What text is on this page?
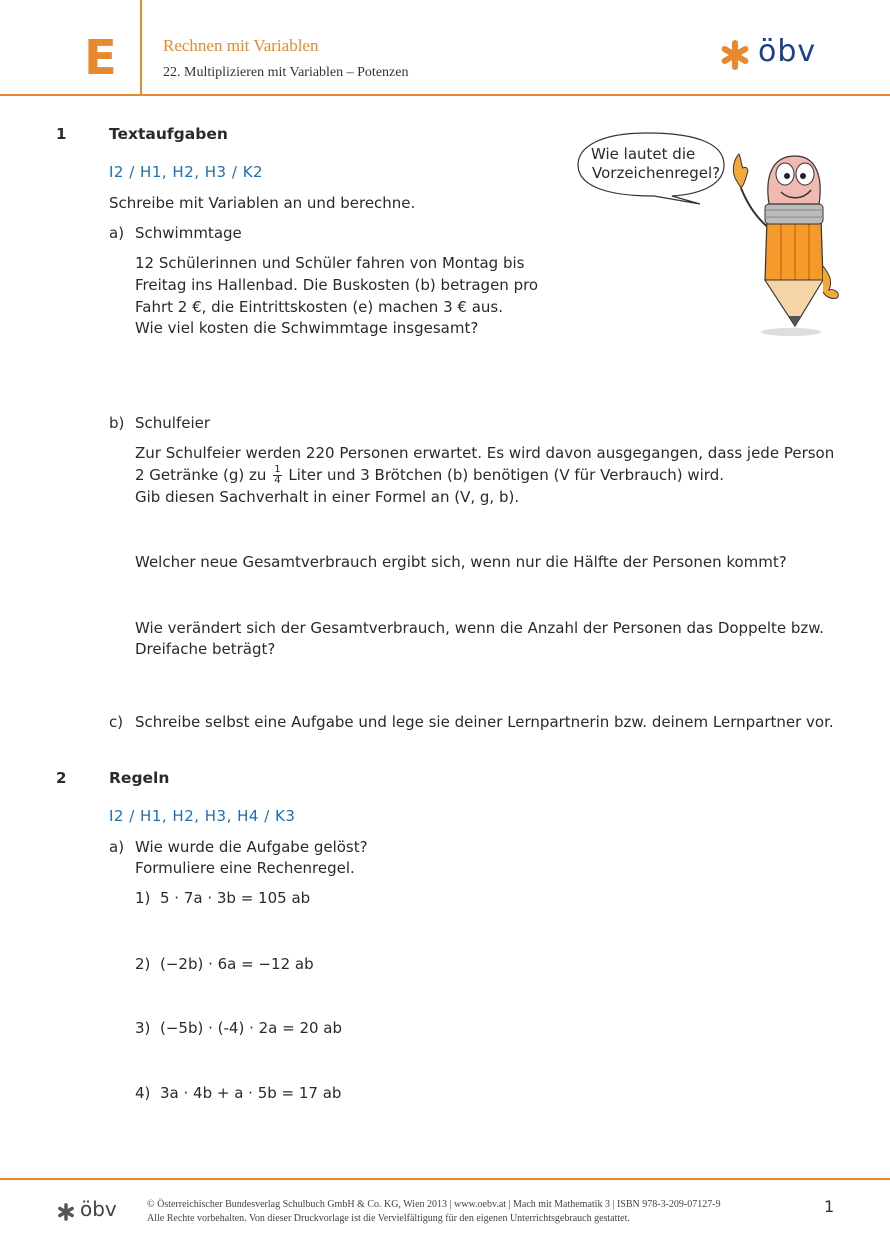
E	Rechnen mit Variablen
22. Multiplizieren mit Variablen – Potenzen
öbv
Wie lautet die
Vorzeichenregel?
1	Textaufgaben
I2 / H1, H2, H3 / K2
Schreibe mit Variablen an und berechne.
a) Schwimmtage
12 Schülerinnen und Schüler fahren von Montag bis
Freitag ins Hallenbad. Die Buskosten (b) betragen pro
Fahrt 2 €, die Eintrittskosten (e) machen 3 € aus.
Wie viel kosten die Schwimmtage insgesamt?
b) Schulfeier
Zur Schulfeier werden 220 Personen erwartet. Es wird davon ausgegangen, dass jede Person
2 Getränke (g) zu $\frac{1}{4}$ Liter und 3 Brötchen (b) benötigen (V für Verbrauch) wird.
Gib diesen Sachverhalt in einer Formel an (V, g, b).
Welcher neue Gesamtverbrauch ergibt sich, wenn nur die Hälfte der Personen kommt?
Wie verändert sich der Gesamtverbrauch, wenn die Anzahl der Personen das Doppelte bzw.
Dreifache beträgt?
c) Schreibe selbst eine Aufgabe und lege sie deiner Lernpartnerin bzw. deinem Lernpartner vor.
2	Regeln
I2 / H1, H2, H3, H4 / K3
a) Wie wurde die Aufgabe gelöst?
Formuliere eine Rechenregel.
1) 5 · 7a · 3b = 105 ab
2) (−2b) · 6a = −12 ab
3) (−5b) · (-4) · 2a = 20 ab
4) 3a · 4b + a · 5b = 17 ab
öbv	© Österreichischer Bundesverlag Schulbuch GmbH & Co. KG, Wien 2013 | www.oebv.at | Mach mit Mathematik 3 | ISBN 978-3-209-07127-9
Alle Rechte vorbehalten. Von dieser Druckvorlage ist die Vervielfältigung für den eigenen Unterrichtsgebrauch gestattet.
1
